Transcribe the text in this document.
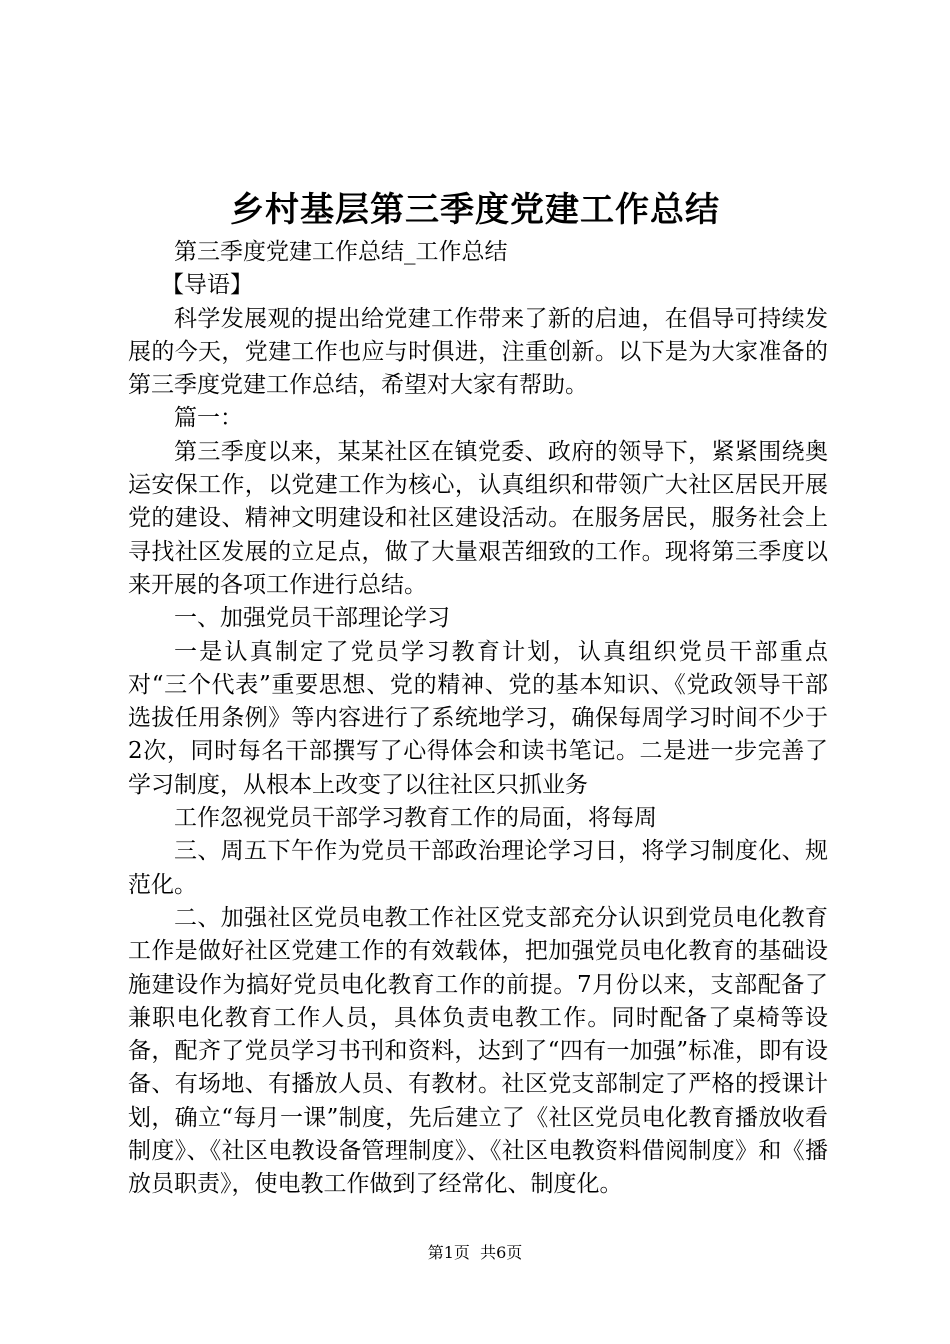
乡村基层第三季度党建工作总结

第三季度党建工作总结_工作总结

【导语】

科学发展观的提出给党建工作带来了新的启迪，在倡导可持续发展的今天，党建工作也应与时俱进，注重创新。以下是为大家准备的第三季度党建工作总结，希望对大家有帮助。

篇一：

第三季度以来，某某社区在镇党委、政府的领导下，紧紧围绕奥运安保工作，以党建工作为核心，认真组织和带领广大社区居民开展党的建设、精神文明建设和社区建设活动。在服务居民，服务社会上寻找社区发展的立足点，做了大量艰苦细致的工作。现将第三季度以来开展的各项工作进行总结。

一、加强党员干部理论学习

一是认真制定了党员学习教育计划，认真组织党员干部重点对“三个代表”重要思想、党的精神、党的基本知识、《党政领导干部选拔任用条例》等内容进行了系统地学习，确保每周学习时间不少于2次，同时每名干部撰写了心得体会和读书笔记。二是进一步完善了学习制度，从根本上改变了以往社区只抓业务

工作忽视党员干部学习教育工作的局面，将每周

三、周五下午作为党员干部政治理论学习日，将学习制度化、规范化。

二、加强社区党员电教工作社区党支部充分认识到党员电化教育工作是做好社区党建工作的有效载体，把加强党员电化教育的基础设施建设作为搞好党员电化教育工作的前提。7月份以来，支部配备了兼职电化教育工作人员，具体负责电教工作。同时配备了桌椅等设备，配齐了党员学习书刊和资料，达到了“四有一加强”标准，即有设备、有场地、有播放人员、有教材。社区党支部制定了严格的授课计划，确立“每月一课”制度，先后建立了《社区党员电化教育播放收看制度》、《社区电教设备管理制度》、《社区电教资料借阅制度》和《播放员职责》，使电教工作做到了经常化、制度化。

第1页  共6页
